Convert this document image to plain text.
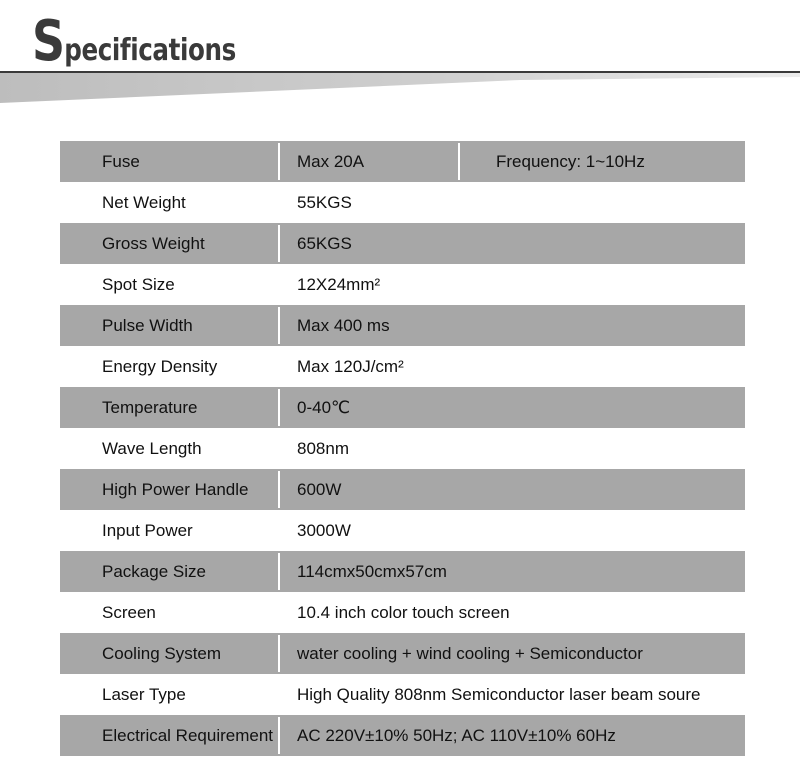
Specifications
Fuse	Max 20A	Frequency: 1~10Hz
Net Weight	55KGS
Gross Weight	65KGS
Spot Size	12X24mm²
Pulse Width	Max 400 ms
Energy Density	Max 120J/cm²
Temperature	0-40℃
Wave Length	808nm
High Power Handle	600W
Input Power	3000W
Package Size	114cmx50cmx57cm
Screen	10.4 inch color touch screen
Cooling System	water cooling + wind cooling + Semiconductor
Laser Type	High Quality 808nm Semiconductor laser beam soure
Electrical Requirement AC 220V±10% 50Hz; AC 110V±10% 60Hz
